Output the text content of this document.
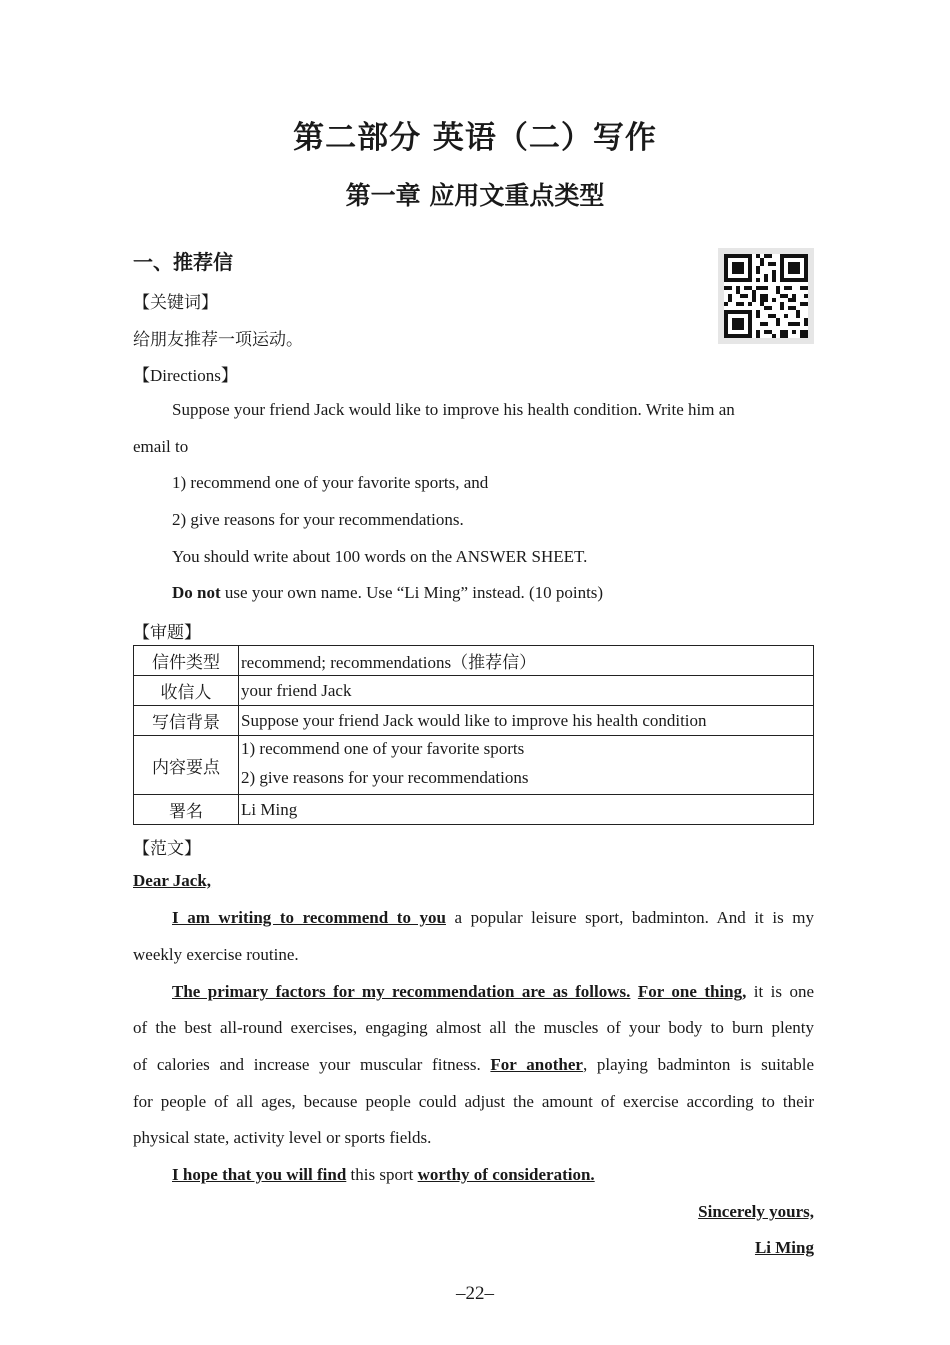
第二部分 英语（二）写作
第一章 应用文重点类型
一、推荐信
【关键词】
给朋友推荐一项运动。
【Directions】
Suppose your friend Jack would like to improve his health condition. Write him an
email to
1) recommend one of your favorite sports, and
2) give reasons for your recommendations.
You should write about 100 words on the ANSWER SHEET.
Do not use your own name. Use “Li Ming” instead. (10 points)
【审题】
信件类型	recommend; recommendations（推荐信）
收信人	your friend Jack
写信背景	Suppose your friend Jack would like to improve his health condition
内容要点	1) recommend one of your favorite sports
2) give reasons for your recommendations

署名	Li Ming
【范文】
Dear Jack,
I am writing to recommend to you a popular leisure sport, badminton. And it is my
weekly exercise routine.
The primary factors for my recommendation are as follows. For one thing, it is one
of the best all-round exercises, engaging almost all the muscles of your body to burn plenty
of calories and increase your muscular fitness. For another, playing badminton is suitable
for people of all ages, because people could adjust the amount of exercise according to their
physical state, activity level or sports fields.
I hope that you will find this sport worthy of consideration.
Sincerely yours,
Li Ming
–22–
